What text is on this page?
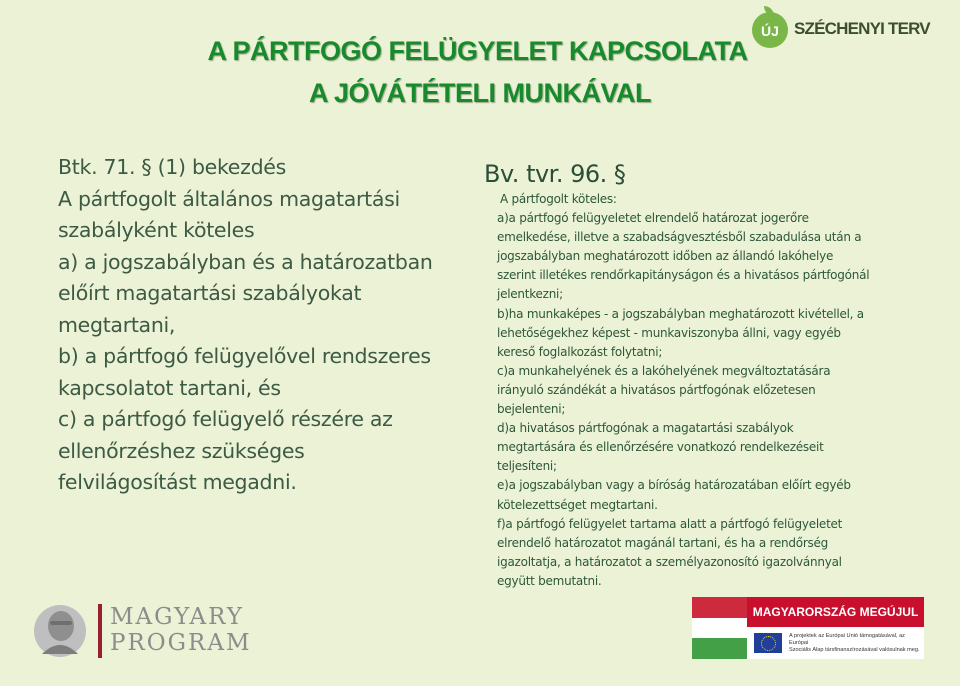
A PÁRTFOGÓ FELÜGYELET KAPCSOLATA
A JÓVÁTÉTELI MUNKÁVAL
ÚJ SZÉCHENYI TERV
Btk. 71. § (1) bekezdés
A pártfogolt általános magatartási
szabályként köteles
a) a jogszabályban és a határozatban
előírt magatartási szabályokat
megtartani,
b) a pártfogó felügyelővel rendszeres
kapcsolatot tartani, és
c) a pártfogó felügyelő részére az
ellenőrzéshez szükséges
felvilágosítást megadni.
Bv. tvr. 96. §
A pártfogolt köteles:
a)a pártfogó felügyeletet elrendelő határozat jogerőre
emelkedése, illetve a szabadságvesztésből szabadulása után a
jogszabályban meghatározott időben az állandó lakóhelye
szerint illetékes rendőrkapitányságon és a hivatásos pártfogónál
jelentkezni;
b)ha munkaképes - a jogszabályban meghatározott kivétellel, a
lehetőségekhez képest - munkaviszonyba állni, vagy egyéb
kereső foglalkozást folytatni;
c)a munkahelyének és a lakóhelyének megváltoztatására
irányuló szándékát a hivatásos pártfogónak előzetesen
bejelenteni;
d)a hivatásos pártfogónak a magatartási szabályok
megtartására és ellenőrzésére vonatkozó rendelkezéseit
teljesíteni;
e)a jogszabályban vagy a bíróság határozatában előírt egyéb
kötelezettséget megtartani.
f)a pártfogó felügyelet tartama alatt a pártfogó felügyeletet
elrendelő határozatot magánál tartani, és ha a rendőrség
igazoltatja, a határozatot a személyazonosító igazolvánnyal
együtt bemutatni.
MAGYARY
PROGRAM
MAGYARORSZÁG MEGÚJUL
A projektek az Európai Unió támogatásával, az Európai
Szociális Alap társfinanszírozásával valósulnak meg.
